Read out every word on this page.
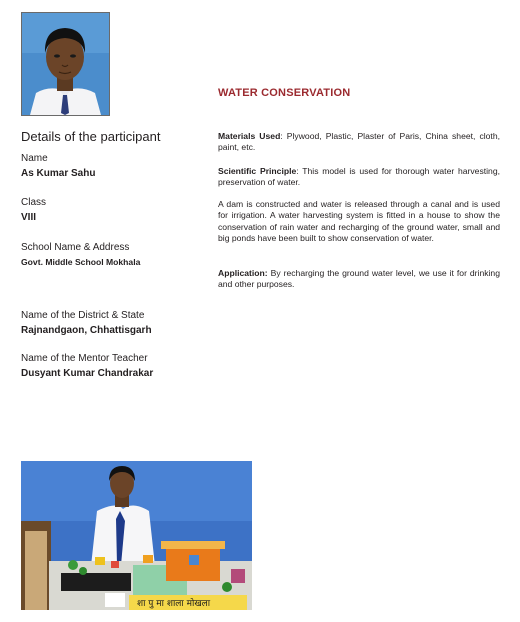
WATER CONSERVATION
Details of the participant
Name
As Kumar Sahu
Class
VIII
School Name & Address
Govt. Middle School Mokhala
Name of the District & State
Rajnandgaon, Chhattisgarh
Name of the Mentor Teacher
Dusyant Kumar Chandrakar
Materials Used: Plywood, Plastic, Plaster of Paris, China sheet, cloth, paint, etc.
Scientific Principle: This model is used for thorough water harvesting, preservation of water.
A dam is constructed and water is released through a canal and is used for irrigation. A water harvesting system is fitted in a house to show the conservation of rain water and recharging of the ground water, small and big ponds have been built to show conservation of water.
Application: By recharging the ground water level, we use it for drinking and other purposes.
शा पु मा शाला मोखला
